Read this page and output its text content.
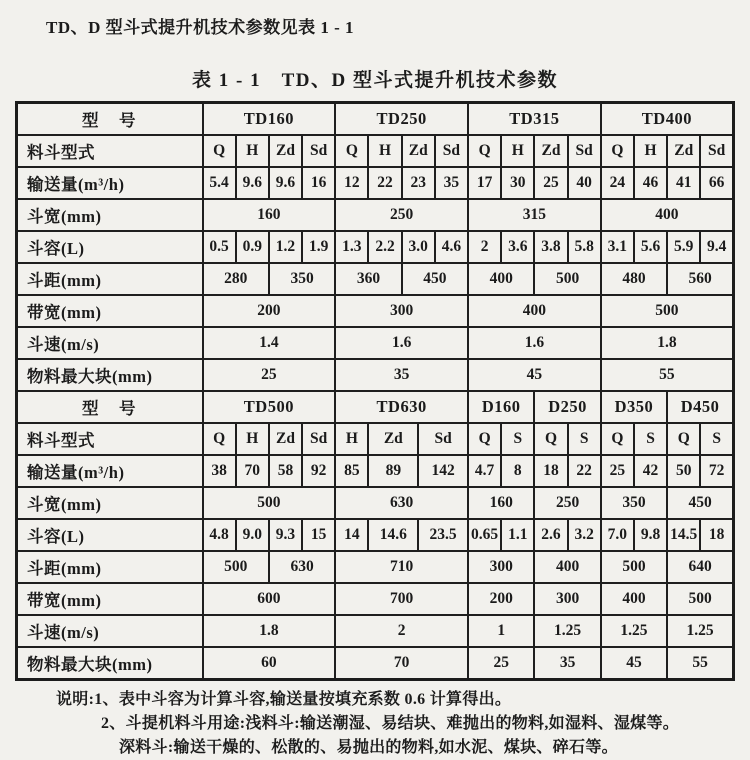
TD、D 型斗式提升机技术参数见表 1 - 1
表 1 - 1　TD、D 型斗式提升机技术参数
型　号	TD160				TD250					TD315				TD400			
料斗型式	Q	H	Zd	Sd	Q	H	Zd		Sd	Q	H	Zd	Sd	Q	H	Zd	Sd
输送量(m³/h)	5.4	9.6	9.6	16	12	22	23		35	17	30	25	40	24	46	41	66
斗宽(mm)	160				250					315				400			
斗容(L)	0.5	0.9	1.2	1.9	1.3	2.2	3.0		4.6	2	3.6	3.8	5.8	3.1	5.6	5.9	9.4
斗距(mm)	280		350		360		450			400		500		480		560	
带宽(mm)	200				300					400				500			
斗速(m/s)	1.4				1.6					1.6				1.8			
物料最大块(mm)	25				35					45				55			
型　号	TD500				TD630					D160		D250		D350		D450	
料斗型式	Q	H	Zd	Sd	H	Zd		Sd		Q	S	Q	S	Q	S	Q	S
输送量(m³/h)	38	70	58	92	85	89		142		4.7	8	18	22	25	42	50	72
斗宽(mm)	500				630					160		250		350		450	
斗容(L)	4.8	9.0	9.3	15	14	14.6		23.5		0.65	1.1	2.6	3.2	7.0	9.8	14.5	18
斗距(mm)	500		630		710					300		400		500		640	
带宽(mm)	600				700					200		300		400		500	
斗速(m/s)	1.8				2					1		1.25		1.25		1.25	
物料最大块(mm)	60				70					25		35		45		55	
说明:1、表中斗容为计算斗容,输送量按填充系数 0.6 计算得出。
2、斗提机料斗用途:浅料斗:输送潮湿、易结块、难抛出的物料,如湿料、湿煤等。
深料斗:输送干燥的、松散的、易抛出的物料,如水泥、煤块、碎石等。
